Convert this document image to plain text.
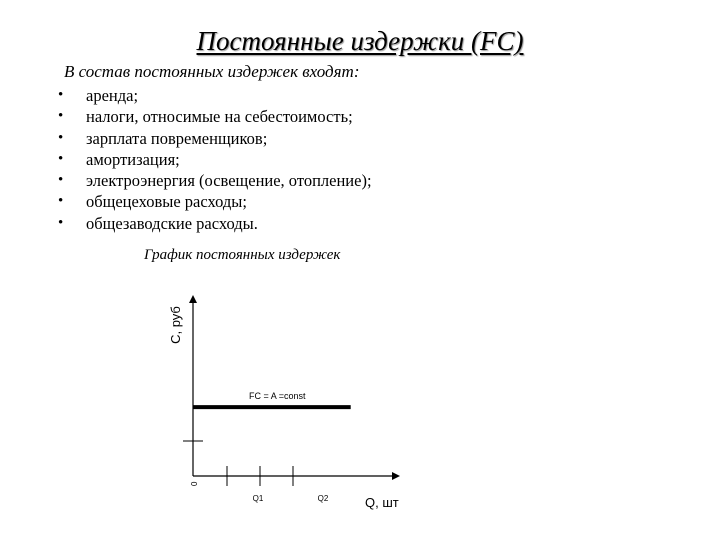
Постоянные издержки (FC)
В состав постоянных издержек входят:
• аренда;
• налоги, относимые на себестоимость;
• зарплата повременщиков;
• амортизация;
• электроэнергия (освещение, отопление);
• общецеховые расходы;
• общезаводские расходы.
График постоянных издержек
С, руб
Q, шт
0
Q1	Q2
FC = A =const
